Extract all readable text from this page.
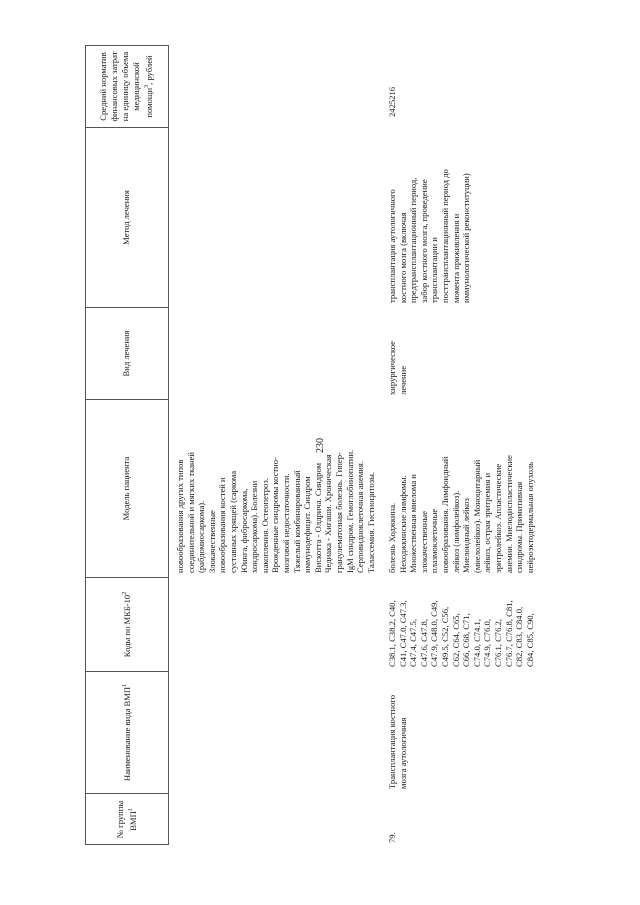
230
№ группы ВМП$^1$
Наименование вида ВМП$^1$
Коды по МКБ-$10^2$
Модель пациента
Вид лечения
Метод лечения
Средний норматив финансовых затрат на единицу объема медицинской помощи$^3$, рублей
новообразования других типов
соединительной и мягких тканей
(рабдомиосаркома).
Злокачественные
новообразования костей и
суставных хрящей (саркома
Юинга, фибросаркома,
хондросаркома). Болезни
накопления. Остеопетроз.
Врожденные синдромы костно-
мозговой недостаточности.
Тяжелый комбинированный
иммунодефицит. Синдром
Вискотта - Олдрича. Синдром
Чедиака - Хигаши. Хроническая
гранулематозная болезнь. Гипер-
IgM синдром. Гемоглобинопатии.
Серповидноклеточная анемия.
Талассемия. Гистиоцитозы.
79.
Трансплантация костного
мозга аутологичная
C38.1, C38.2, C40,
C41, C47.0, C47.3,
C47.4, C47.5,
C47.6, C47.8,
C47.9, C48.0, C49,
C49.5, C52, C56,
C62, C64, C65,
C66, C68, C71,
C74.0, C74.1,
C74.9, C76.0,
C76.1, C76.2,
C76.7, C76.8, C81,
C82, C83, C84.0,
C84, C85, C90,
болезнь Ходжкина.
Неходжкинские лимфомы.
Множественная миелома и
злокачественные
плазмоклеточные
новообразования. Лимфоидный
лейкоз (лимфолейкоз).
Миелоидный лейкоз
(миелолейкоз). Моноцитарный
лейкоз, острая эритремия и
эритролейкоз. Апластические
анемии. Миелодиспластические
синдромы. Примитивная
нейроэктодермальная опухоль
хирургическое
лечение
трансплантация аутологичного
костного мозга (включая
предтрансплантационный период,
забор костного мозга, проведение
трансплантации и
посттрансплантационный период до
момента приживления и
иммунологической реконституции)
2425216
